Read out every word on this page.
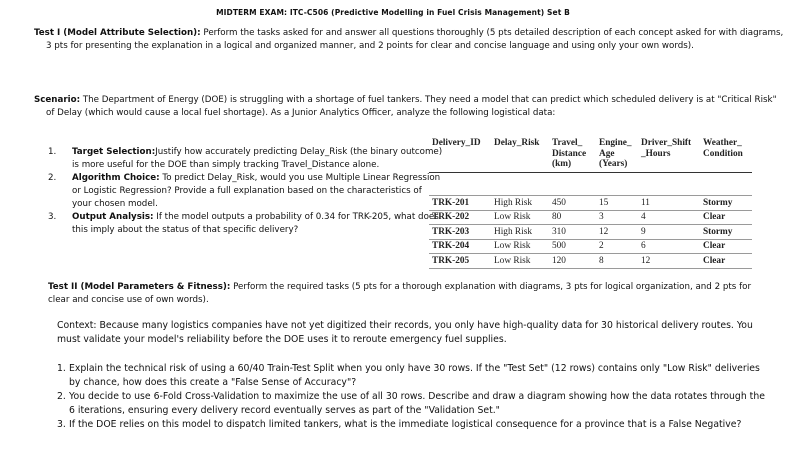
MIDTERM EXAM: ITC-C506 (Predictive Modelling in Fuel Crisis Management) Set B
Test I (Model Attribute Selection): Perform the tasks asked for and answer all questions thoroughly (5 pts detailed description of each concept asked for with diagrams, 3 pts for presenting the explanation in a logical and organized manner, and 2 points for clear and concise language and using only your own words).
Scenario: The Department of Energy (DOE) is struggling with a shortage of fuel tankers. They need a model that can predict which scheduled delivery is at "Critical Risk" of Delay (which would cause a local fuel shortage). As a Junior Analytics Officer, analyze the following logistical data:
1. Target Selection:Justify how accurately predicting Delay_Risk (the binary outcome) is more useful for the DOE than simply tracking Travel_Distance alone.
2. Algorithm Choice: To predict Delay_Risk, would you use Multiple Linear Regression or Logistic Regression? Provide a full explanation based on the characteristics of your chosen model.
3. Output Analysis: If the model outputs a probability of 0.34 for TRK-205, what does this imply about the status of that specific delivery?
Delivery_ID	Delay_Risk	Travel_ Distance (km)	Engine_ Age (Years)	Driver_Shift _Hours	Weather_ Condition

TRK-201	High Risk	450	15	11	Stormy
TRK-202	Low Risk	80	3	4	Clear
TRK-203	High Risk	310	12	9	Stormy
TRK-204	Low Risk	500	2	6	Clear
TRK-205	Low Risk	120	8	12	Clear
Test II (Model Parameters & Fitness): Perform the required tasks (5 pts for a thorough explanation with diagrams, 3 pts for logical organization, and 2 pts for clear and concise use of own words).
Context: Because many logistics companies have not yet digitized their records, you only have high-quality data for 30 historical delivery routes. You must validate your model's reliability before the DOE uses it to reroute emergency fuel supplies.
1. Explain the technical risk of using a 60/40 Train-Test Split when you only have 30 rows. If the "Test Set" (12 rows) contains only "Low Risk" deliveries by chance, how does this create a "False Sense of Accuracy"?
2. You decide to use 6-Fold Cross-Validation to maximize the use of all 30 rows. Describe and draw a diagram showing how the data rotates through the 6 iterations, ensuring every delivery record eventually serves as part of the "Validation Set."
3. If the DOE relies on this model to dispatch limited tankers, what is the immediate logistical consequence for a province that is a False Negative?
